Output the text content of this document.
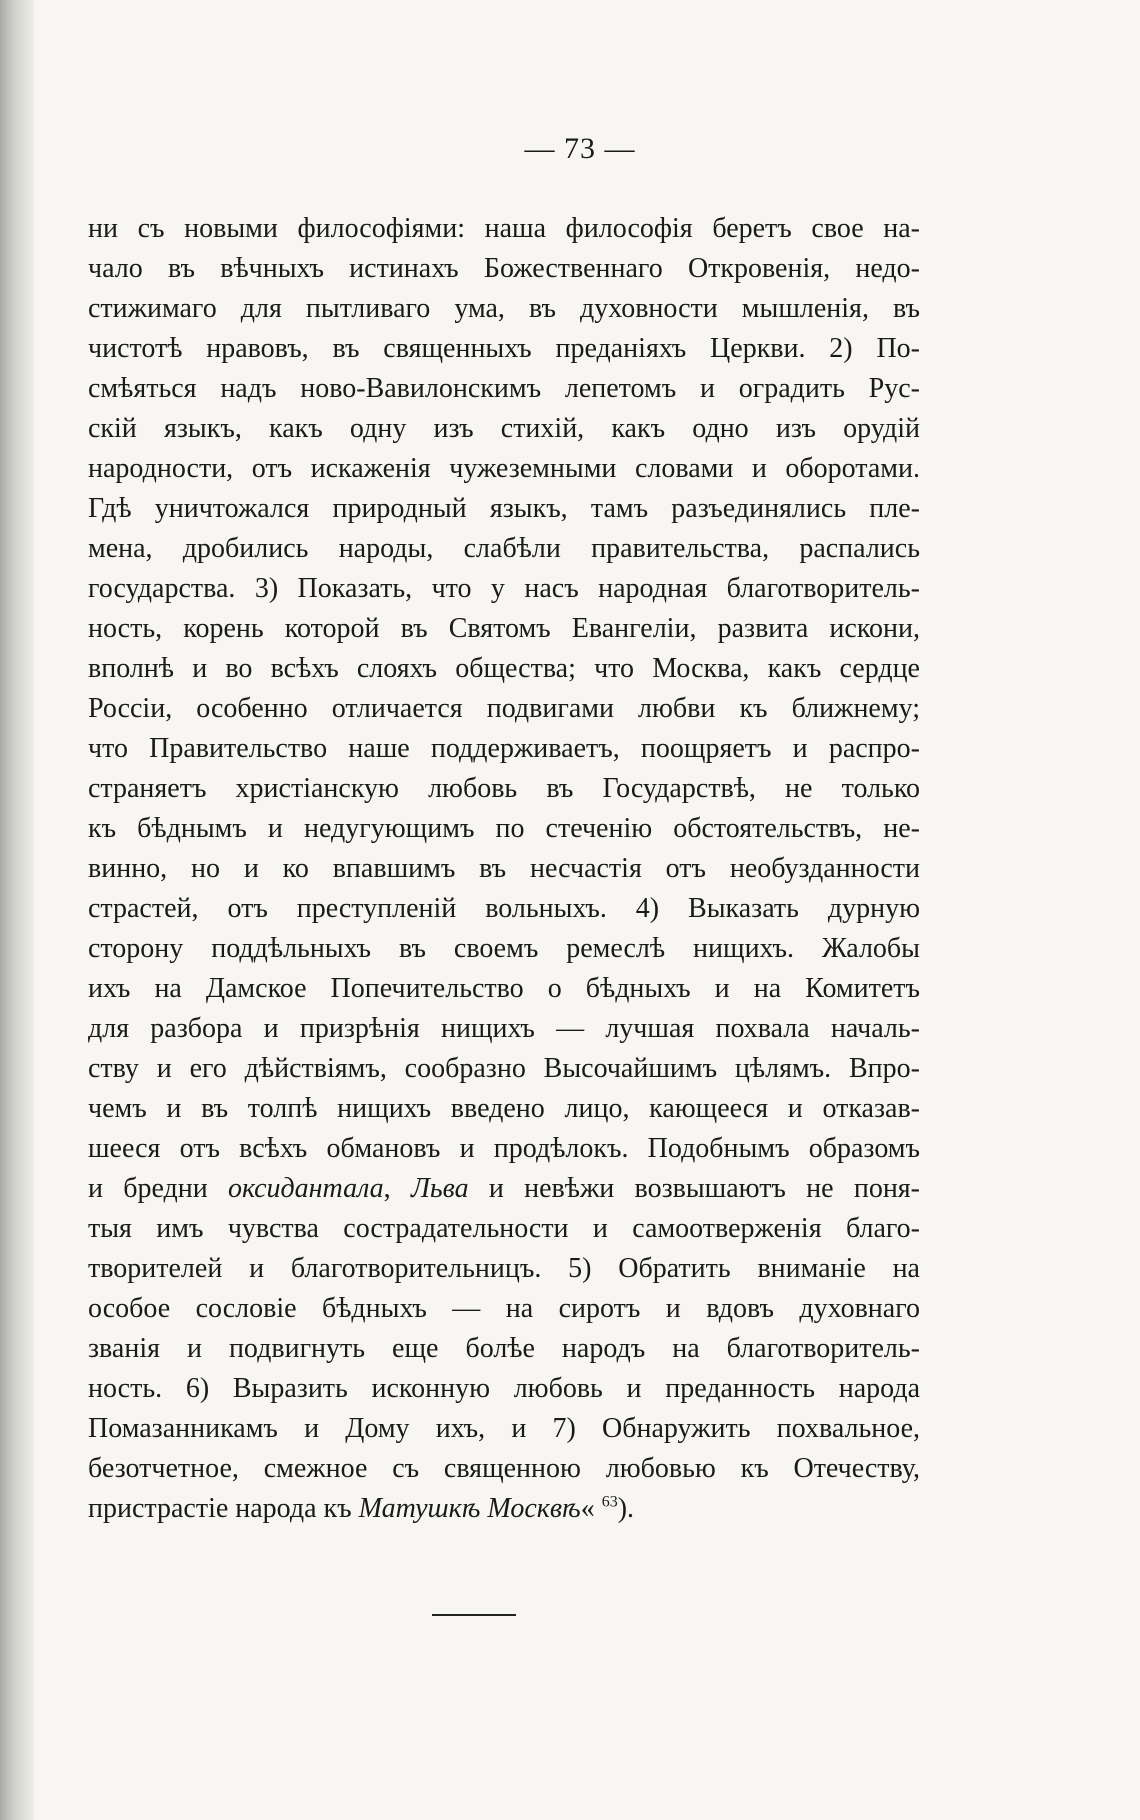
— 73 —
ни съ новыми философіями: наша философія беретъ свое на-
чало въ вѣчныхъ истинахъ Божественнаго Откровенія, недо-
стижимаго для пытливаго ума, въ духовности мышленія, въ
чистотѣ нравовъ, въ священныхъ преданіяхъ Церкви. 2) По-
смѣяться надъ ново-Вавилонскимъ лепетомъ и оградить Рус-
скій языкъ, какъ одну изъ стихій, какъ одно изъ орудій
народности, отъ искаженія чужеземными словами и оборотами.
Гдѣ уничтожался природный языкъ, тамъ разъединялись пле-
мена, дробились народы, слабѣли правительства, распались
государства. 3) Показать, что у насъ народная благотворитель-
ность, корень которой въ Святомъ Евангеліи, развита искони,
вполнѣ и во всѣхъ слояхъ общества; что Москва, какъ сердце
Россіи, особенно отличается подвигами любви къ ближнему;
что Правительство наше поддерживаетъ, поощряетъ и распро-
страняетъ христіанскую любовь въ Государствѣ, не только
къ бѣднымъ и недугующимъ по стеченію обстоятельствъ, не-
винно, но и ко впавшимъ въ несчастія отъ необузданности
страстей, отъ преступленій вольныхъ. 4) Выказать дурную
сторону поддѣльныхъ въ своемъ ремеслѣ нищихъ. Жалобы
ихъ на Дамское Попечительство о бѣдныхъ и на Комитетъ
для разбора и призрѣнія нищихъ — лучшая похвала началь-
ству и его дѣйствіямъ, сообразно Высочайшимъ цѣлямъ. Впро-
чемъ и въ толпѣ нищихъ введено лицо, кающееся и отказав-
шееся отъ всѣхъ обмановъ и продѣлокъ. Подобнымъ образомъ
и бредни оксидантала, Льва и невѣжи возвышаютъ не поня-
тыя имъ чувства сострадательности и самоотверженія благо-
творителей и благотворительницъ. 5) Обратить вниманіе на
особое сословіе бѣдныхъ — на сиротъ и вдовъ духовнаго
званія и подвигнуть еще болѣе народъ на благотворитель-
ность. 6) Выразить исконную любовь и преданность народа
Помазанникамъ и Дому ихъ, и 7) Обнаружить похвальное,
безотчетное, смежное съ священною любовью къ Отечеству,
пристрастіе народа къ Матушкѣ Москвѣ« $^{63}$).
